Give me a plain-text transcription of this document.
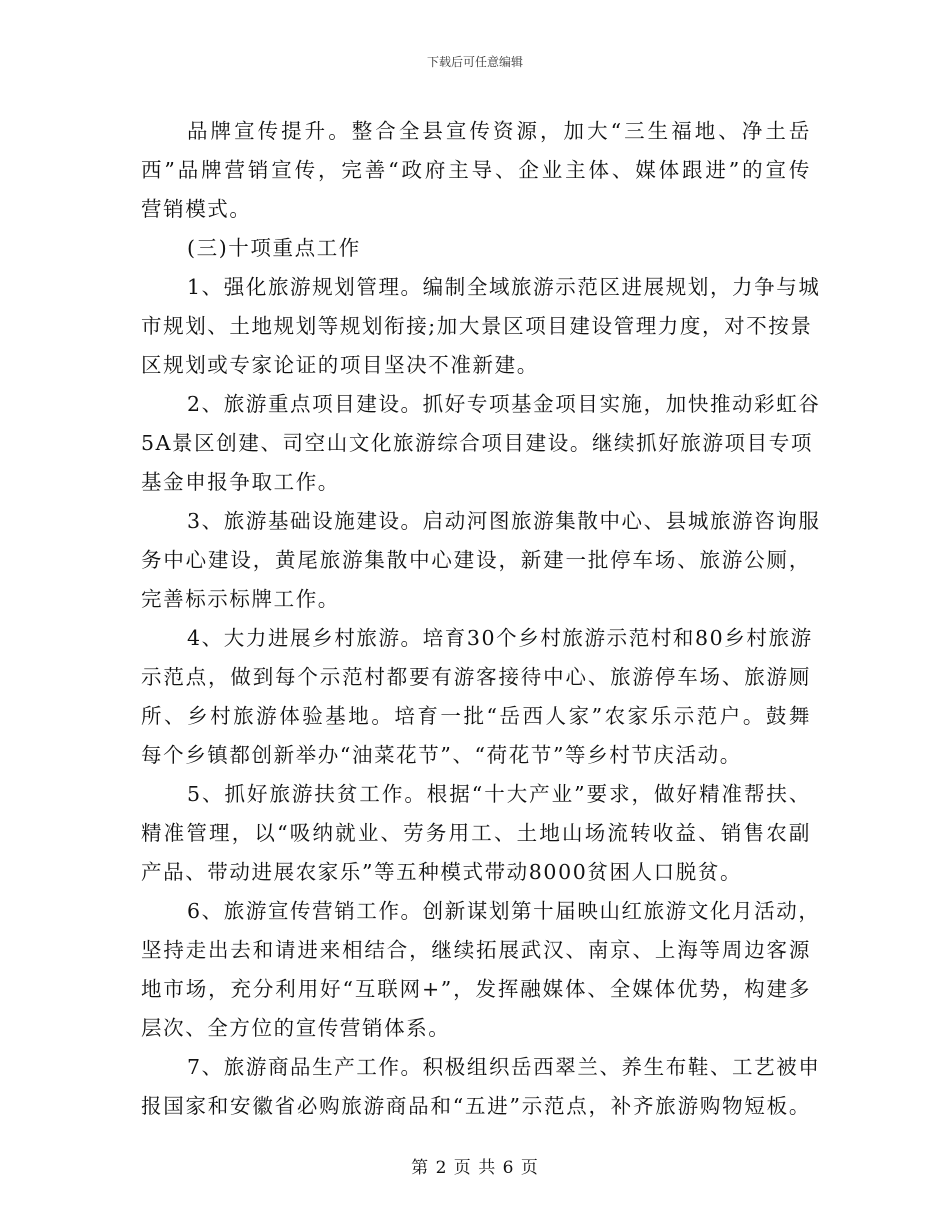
下载后可任意编辑
品牌宣传提升。整合全县宣传资源，加大“三生福地、净土岳
西”品牌营销宣传，完善“政府主导、企业主体、媒体跟进”的宣传
营销模式。
(三)十项重点工作
1、强化旅游规划管理。编制全域旅游示范区进展规划，力争与城
市规划、土地规划等规划衔接;加大景区项目建设管理力度，对不按景
区规划或专家论证的项目坚决不准新建。
2、旅游重点项目建设。抓好专项基金项目实施，加快推动彩虹谷
5A景区创建、司空山文化旅游综合项目建设。继续抓好旅游项目专项
基金申报争取工作。
3、旅游基础设施建设。启动河图旅游集散中心、县城旅游咨询服
务中心建设，黄尾旅游集散中心建设，新建一批停车场、旅游公厕，
完善标示标牌工作。
4、大力进展乡村旅游。培育30个乡村旅游示范村和80乡村旅游
示范点，做到每个示范村都要有游客接待中心、旅游停车场、旅游厕
所、乡村旅游体验基地。培育一批“岳西人家”农家乐示范户。鼓舞
每个乡镇都创新举办“油菜花节”、“荷花节”等乡村节庆活动。
5、抓好旅游扶贫工作。根据“十大产业”要求，做好精准帮扶、
精准管理，以“吸纳就业、劳务用工、土地山场流转收益、销售农副
产品、带动进展农家乐”等五种模式带动8000贫困人口脱贫。
6、旅游宣传营销工作。创新谋划第十届映山红旅游文化月活动，
坚持走出去和请进来相结合，继续拓展武汉、南京、上海等周边客源
地市场，充分利用好“互联网+”，发挥融媒体、全媒体优势，构建多
层次、全方位的宣传营销体系。
7、旅游商品生产工作。积极组织岳西翠兰、养生布鞋、工艺被申
报国家和安徽省必购旅游商品和“五进”示范点，补齐旅游购物短板。
第 2 页 共 6 页
